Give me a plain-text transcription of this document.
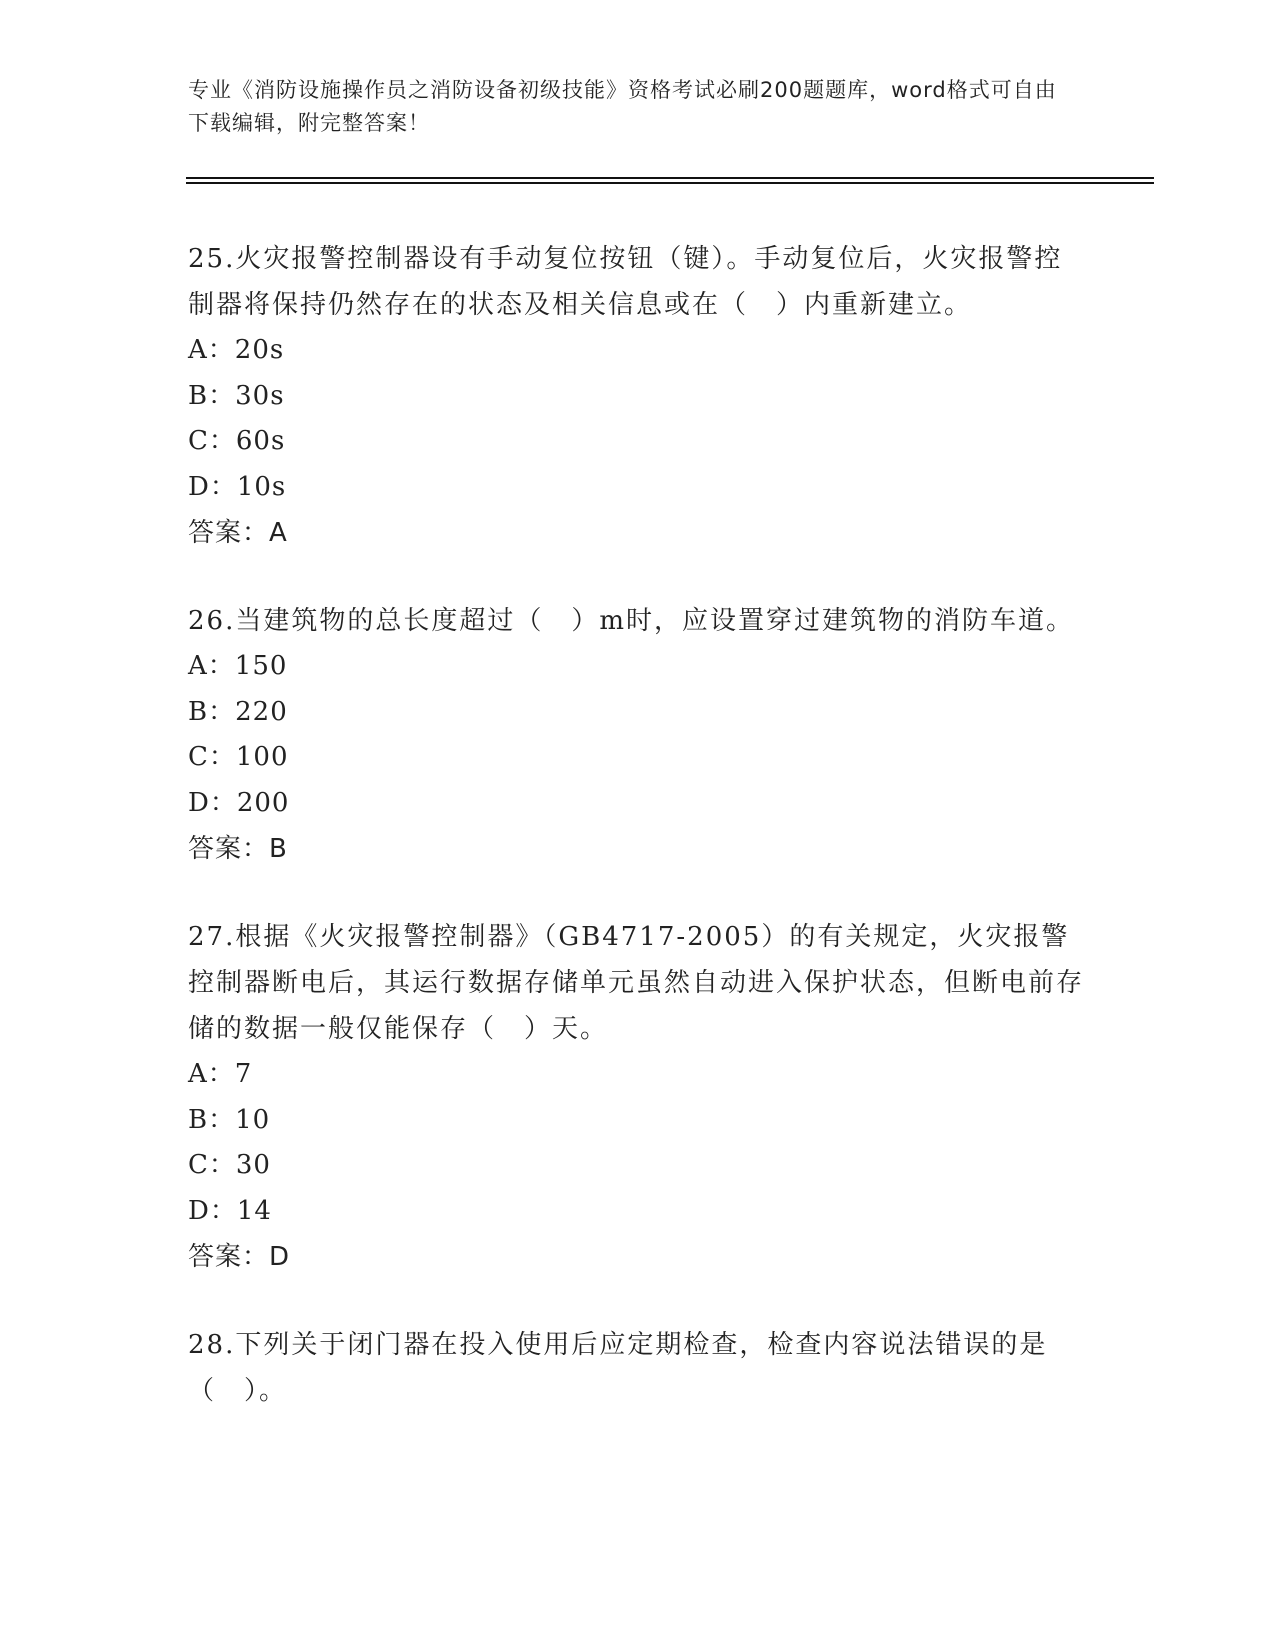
专业《消防设施操作员之消防设备初级技能》资格考试必刷200题题库，word格式可自由下载编辑，附完整答案！
25.火灾报警控制器设有手动复位按钮（键）。手动复位后，火灾报警控制器将保持仍然存在的状态及相关信息或在（　）内重新建立。
A：20s
B：30s
C：60s
D：10s
答案：A
26.当建筑物的总长度超过（　）m时，应设置穿过建筑物的消防车道。
A：150
B：220
C：100
D：200
答案：B
27.根据《火灾报警控制器》（GB4717-2005）的有关规定，火灾报警控制器断电后，其运行数据存储单元虽然自动进入保护状态，但断电前存储的数据一般仅能保存（　）天。
A：7
B：10
C：30
D：14
答案：D
28.下列关于闭门器在投入使用后应定期检查，检查内容说法错误的是（　）。
